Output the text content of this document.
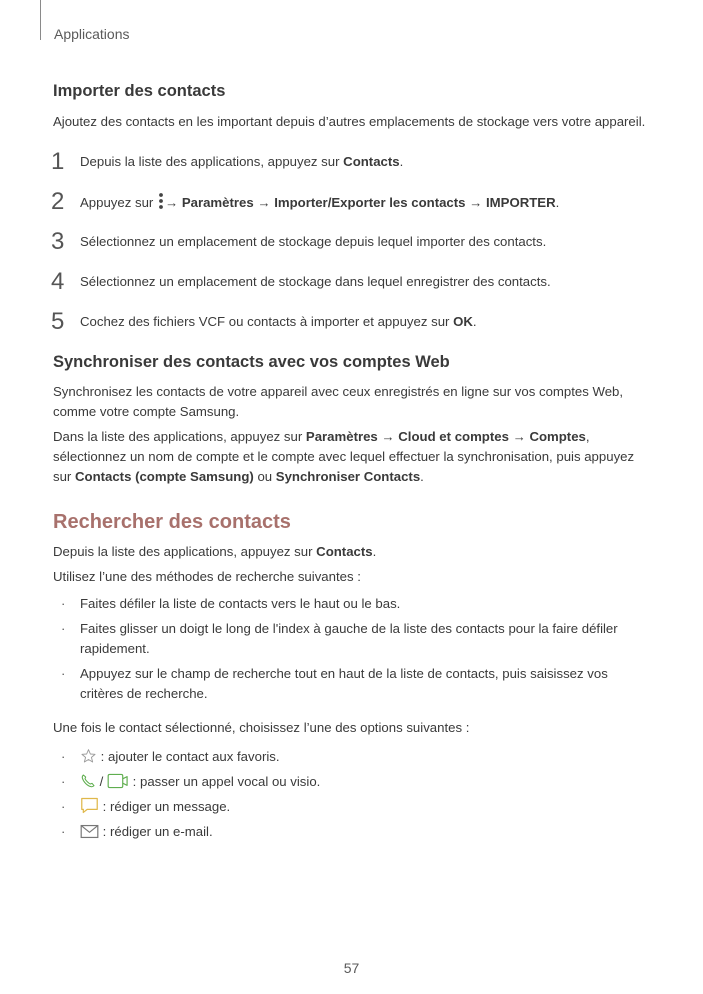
Applications
Importer des contacts

Ajoutez des contacts en les important depuis d’autres emplacements de stockage vers votre appareil.

1 Depuis la liste des applications, appuyez sur Contacts.
2 Appuyez sur → Paramètres → Importer/Exporter les contacts → IMPORTER.
3 Sélectionnez un emplacement de stockage depuis lequel importer des contacts.
4 Sélectionnez un emplacement de stockage dans lequel enregistrer des contacts.
5 Cochez des fichiers VCF ou contacts à importer et appuyez sur OK.
Synchroniser des contacts avec vos comptes Web

Synchronisez les contacts de votre appareil avec ceux enregistrés en ligne sur vos comptes Web, comme votre compte Samsung.

Dans la liste des applications, appuyez sur Paramètres → Cloud et comptes → Comptes, sélectionnez un nom de compte et le compte avec lequel effectuer la synchronisation, puis appuyez sur Contacts (compte Samsung) ou Synchroniser Contacts.

Rechercher des contacts

Depuis la liste des applications, appuyez sur Contacts.

Utilisez l’une des méthodes de recherche suivantes :

· Faites défiler la liste de contacts vers le haut ou le bas.
· Faites glisser un doigt le long de l'index à gauche de la liste des contacts pour la faire défiler rapidement.
· Appuyez sur le champ de recherche tout en haut de la liste de contacts, puis saisissez vos critères de recherche.

Une fois le contact sélectionné, choisissez l’une des options suivantes :

· : ajouter le contact aux favoris.
· /  : passer un appel vocal ou visio.
·	: rédiger un message.
·	: rédiger un e-mail.
57
